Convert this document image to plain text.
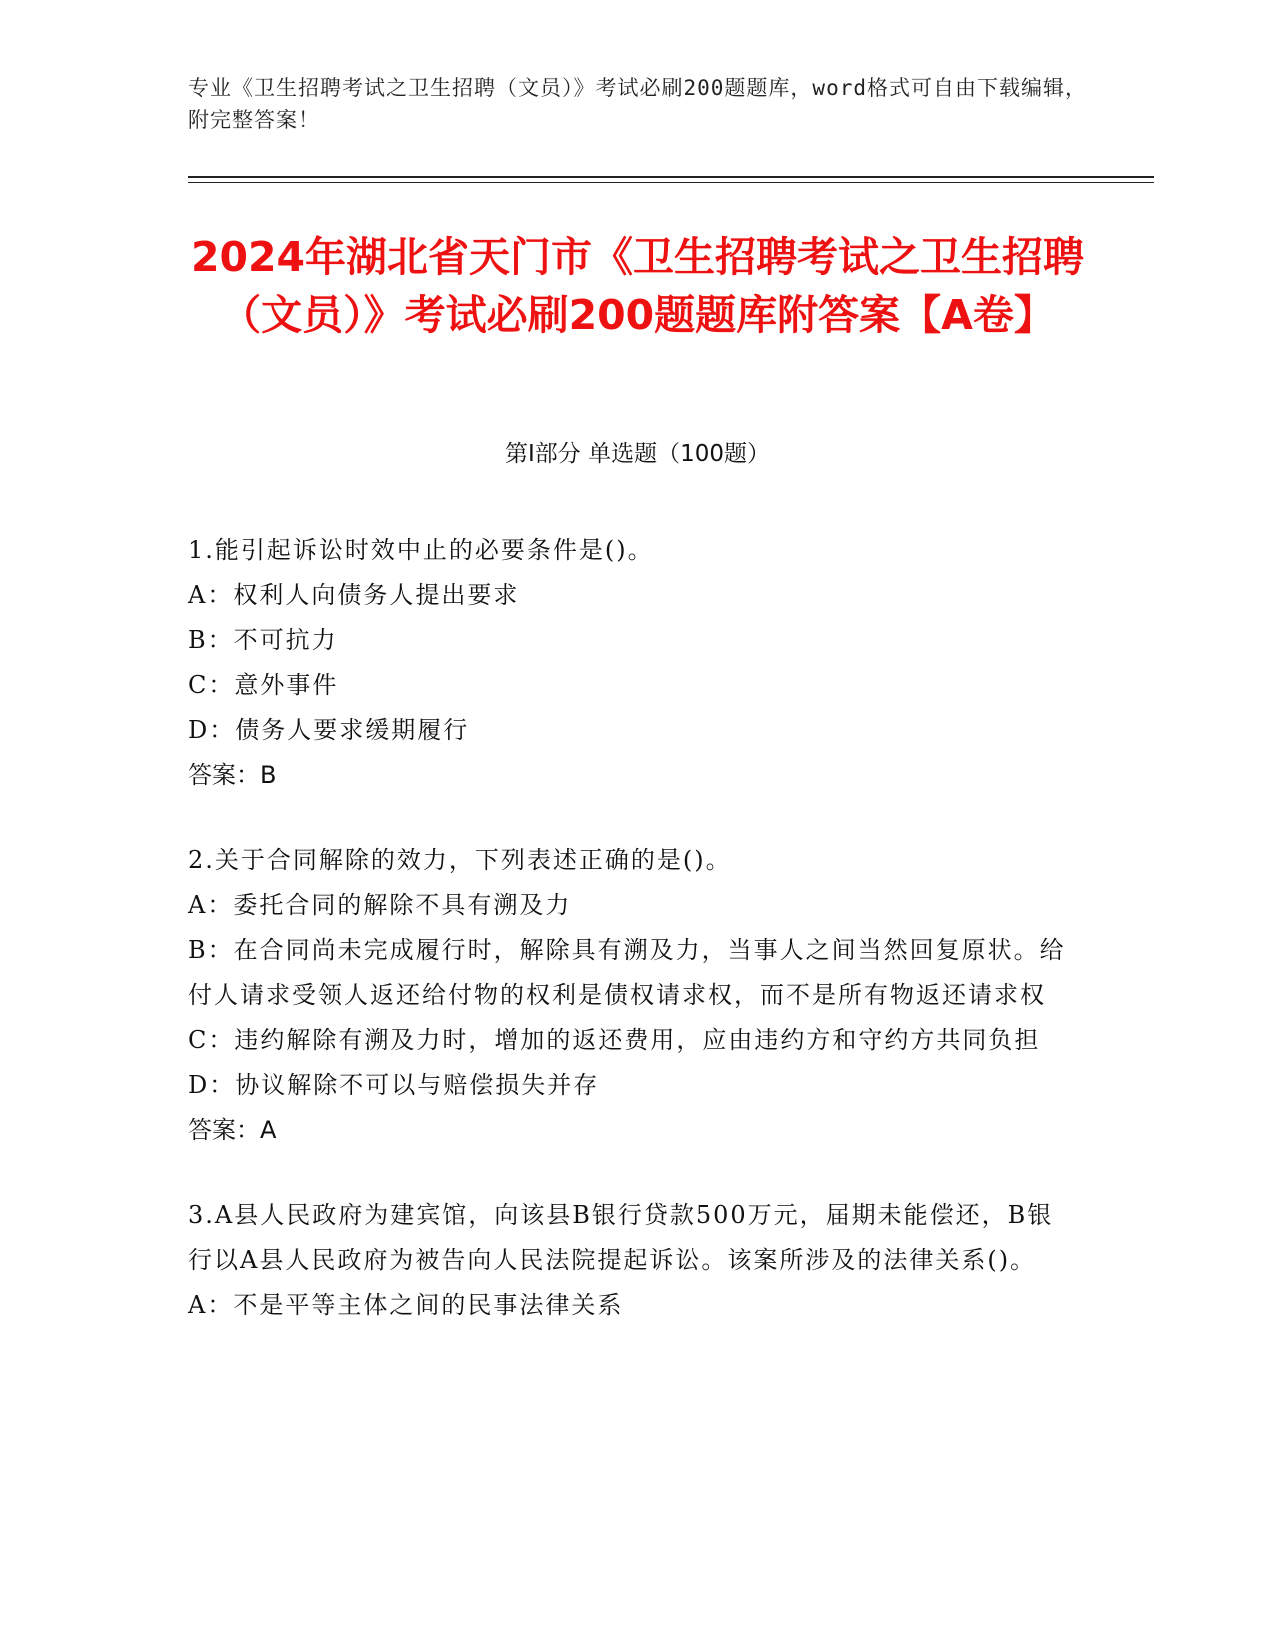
专业《卫生招聘考试之卫生招聘（文员）》考试必刷200题题库，word格式可自由下载编辑，附完整答案！
2024年湖北省天门市《卫生招聘考试之卫生招聘（文员）》考试必刷200题题库附答案【A卷】
第Ⅰ部分 单选题（100题）
1.能引起诉讼时效中止的必要条件是()。
A：权利人向债务人提出要求
B：不可抗力
C：意外事件
D：债务人要求缓期履行
答案：B
2.关于合同解除的效力，下列表述正确的是()。
A：委托合同的解除不具有溯及力
B：在合同尚未完成履行时，解除具有溯及力，当事人之间当然回复原状。给付人请求受领人返还给付物的权利是债权请求权，而不是所有物返还请求权
C：违约解除有溯及力时，增加的返还费用，应由违约方和守约方共同负担
D：协议解除不可以与赔偿损失并存
答案：A
3.A县人民政府为建宾馆，向该县B银行贷款500万元，届期未能偿还，B银行以A县人民政府为被告向人民法院提起诉讼。该案所涉及的法律关系()。
A：不是平等主体之间的民事法律关系
